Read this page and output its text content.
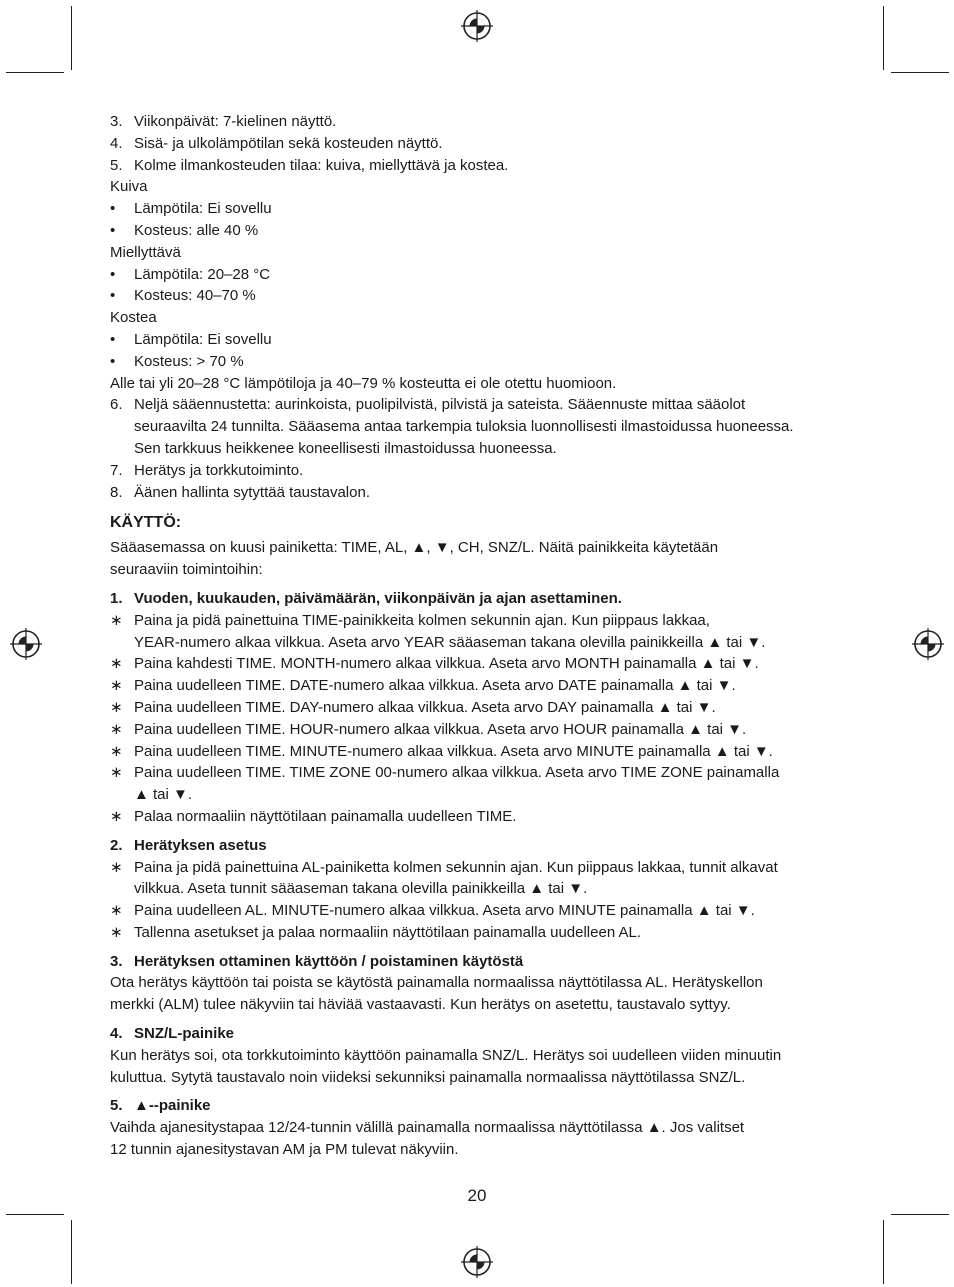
3. Viikonpäivät: 7-kielinen näyttö.
4. Sisä- ja ulkolämpötilan sekä kosteuden näyttö.
5. Kolme ilmankosteuden tilaa: kuiva, miellyttävä ja kostea.
Kuiva
• Lämpötila: Ei sovellu
• Kosteus: alle 40 %
Miellyttävä
• Lämpötila: 20–28 °C
• Kosteus: 40–70 %
Kostea
• Lämpötila: Ei sovellu
• Kosteus: > 70 %
Alle tai yli 20–28 °C lämpötiloja ja 40–79 % kosteutta ei ole otettu huomioon.
6. Neljä sääennustetta: aurinkoista, puolipilvistä, pilvistä ja sateista. Sääennuste mittaa sääolot
seuraavilta 24 tunnilta. Sääasema antaa tarkempia tuloksia luonnollisesti ilmastoidussa huoneessa.
Sen tarkkuus heikkenee koneellisesti ilmastoidussa huoneessa.
7. Herätys ja torkkutoiminto.
8. Äänen hallinta sytyttää taustavalon.
KÄYTTÖ:
Sääasemassa on kuusi painiketta: TIME, AL, ▲, ▼, CH, SNZ/L. Näitä painikkeita käytetään
seuraaviin toimintoihin:
1. Vuoden, kuukauden, päivämäärän, viikonpäivän ja ajan asettaminen.
∗ Paina ja pidä painettuina TIME-painikkeita kolmen sekunnin ajan. Kun piippaus lakkaa,
YEAR-numero alkaa vilkkua. Aseta arvo YEAR sääaseman takana olevilla painikkeilla ▲ tai ▼.
∗ Paina kahdesti TIME. MONTH-numero alkaa vilkkua. Aseta arvo MONTH painamalla ▲ tai ▼.
∗ Paina uudelleen TIME. DATE-numero alkaa vilkkua. Aseta arvo DATE painamalla ▲ tai ▼.
∗ Paina uudelleen TIME. DAY-numero alkaa vilkkua. Aseta arvo DAY painamalla ▲ tai ▼.
∗ Paina uudelleen TIME. HOUR-numero alkaa vilkkua. Aseta arvo HOUR painamalla ▲ tai ▼.
∗ Paina uudelleen TIME. MINUTE-numero alkaa vilkkua. Aseta arvo MINUTE painamalla ▲ tai ▼.
∗ Paina uudelleen TIME. TIME ZONE 00-numero alkaa vilkkua. Aseta arvo TIME ZONE painamalla
▲ tai ▼.
∗ Palaa normaaliin näyttötilaan painamalla uudelleen TIME.
2. Herätyksen asetus
∗ Paina ja pidä painettuina AL-painiketta kolmen sekunnin ajan. Kun piippaus lakkaa, tunnit alkavat
vilkkua. Aseta tunnit sääaseman takana olevilla painikkeilla ▲ tai ▼.
∗ Paina uudelleen AL. MINUTE-numero alkaa vilkkua. Aseta arvo MINUTE painamalla ▲ tai ▼.
∗ Tallenna asetukset ja palaa normaaliin näyttötilaan painamalla uudelleen AL.
3. Herätyksen ottaminen käyttöön / poistaminen käytöstä
Ota herätys käyttöön tai poista se käytöstä painamalla normaalissa näyttötilassa AL. Herätyskellon
merkki (ALM) tulee näkyviin tai häviää vastaavasti. Kun herätys on asetettu, taustavalo syttyy.
4. SNZ/L-painike
Kun herätys soi, ota torkkutoiminto käyttöön painamalla SNZ/L. Herätys soi uudelleen viiden minuutin
kuluttua. Sytytä taustavalo noin viideksi sekunniksi painamalla normaalissa näyttötilassa SNZ/L.
5. ▲--painike
Vaihda ajanesitystapaa 12/24-tunnin välillä painamalla normaalissa näyttötilassa ▲. Jos valitset
12 tunnin ajanesitystavan AM ja PM tulevat näkyviin.
20
